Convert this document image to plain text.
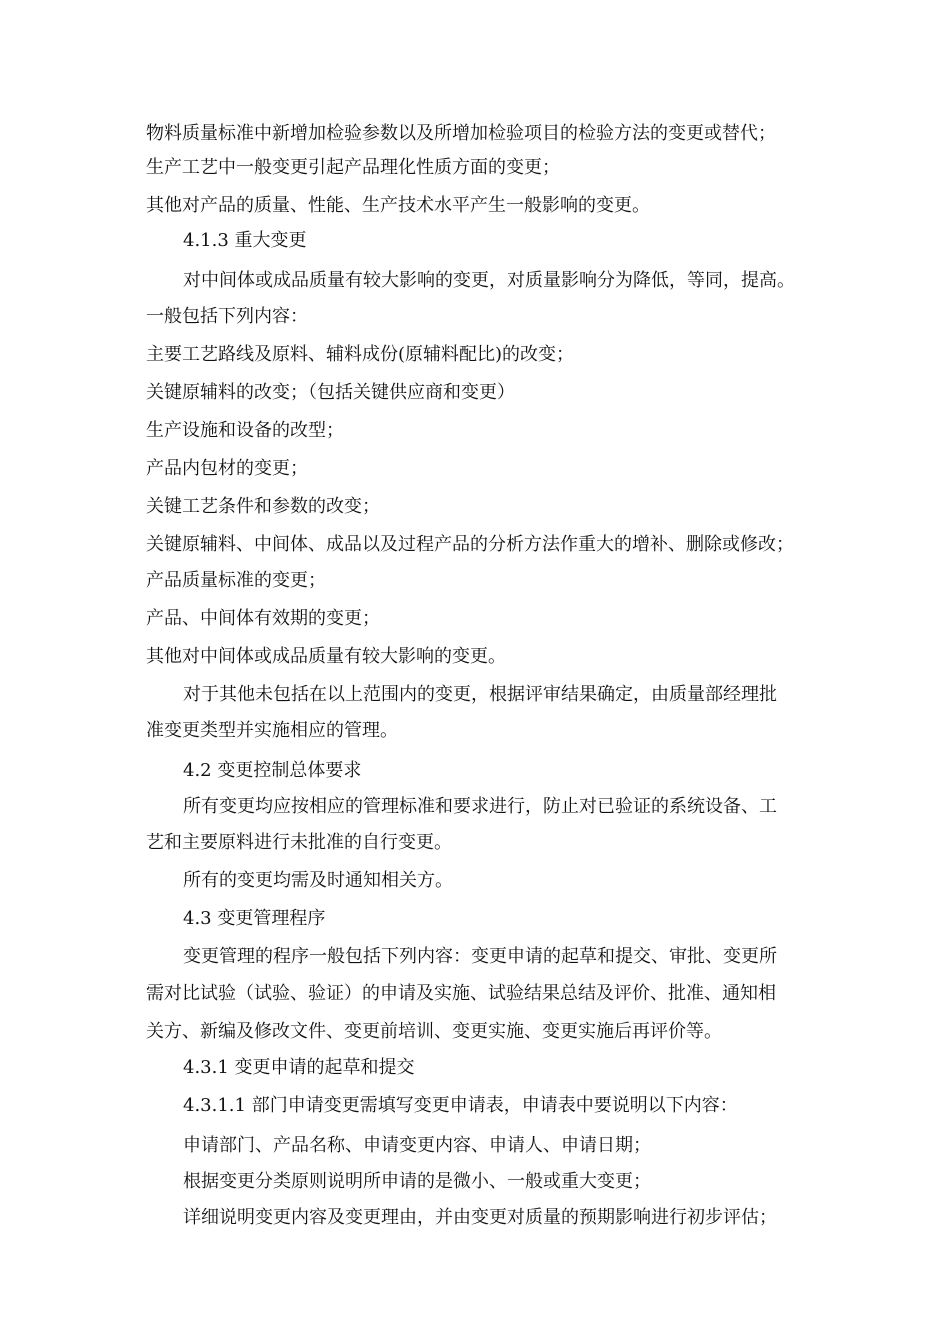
物料质量标准中新增加检验参数以及所增加检验项目的检验方法的变更或替代；
生产工艺中一般变更引起产品理化性质方面的变更；
其他对产品的质量、性能、生产技术水平产生一般影响的变更。
4.1.3 重大变更
对中间体或成品质量有较大影响的变更，对质量影响分为降低，等同，提高。
一般包括下列内容：
主要工艺路线及原料、辅料成份(原辅料配比)的改变；
关键原辅料的改变；（包括关键供应商和变更）
生产设施和设备的改型；
产品内包材的变更；
关键工艺条件和参数的改变；
关键原辅料、中间体、成品以及过程产品的分析方法作重大的增补、删除或修改；
产品质量标准的变更；
产品、中间体有效期的变更；
其他对中间体或成品质量有较大影响的变更。
对于其他未包括在以上范围内的变更，根据评审结果确定，由质量部经理批
准变更类型并实施相应的管理。
4.2 变更控制总体要求
所有变更均应按相应的管理标准和要求进行，防止对已验证的系统设备、工
艺和主要原料进行未批准的自行变更。
所有的变更均需及时通知相关方。
4.3 变更管理程序
变更管理的程序一般包括下列内容：变更申请的起草和提交、审批、变更所
需对比试验（试验、验证）的申请及实施、试验结果总结及评价、批准、通知相
关方、新编及修改文件、变更前培训、变更实施、变更实施后再评价等。
4.3.1 变更申请的起草和提交
4.3.1.1 部门申请变更需填写变更申请表，申请表中要说明以下内容：
申请部门、产品名称、申请变更内容、申请人、申请日期；
根据变更分类原则说明所申请的是微小、一般或重大变更；
详细说明变更内容及变更理由，并由变更对质量的预期影响进行初步评估；
